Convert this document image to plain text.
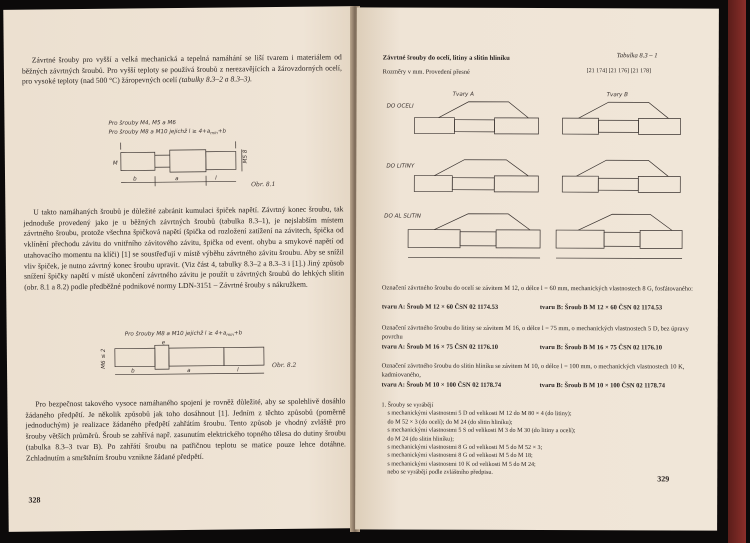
Závrtné šrouby pro vyšší a velká mechanická a tepelná namáhání se liší tvarem i materiálem od běžných závrtných šroubů. Pro vyšší teploty se používá šroubů z nerezavějících a žárovzdorných ocelí, pro vysoké teploty (nad 500 °C) žáropevných ocelí (tabulky 8.3–2 a 8.3–3).
Pro šrouby M4, M5 a M6
Pro šrouby M8 a M10 jejichž $l \ge 4+a_{min}+b$
b	a	l
M
M5 8
Obr. 8.1
U takto namáhaných šroubů je důležité zabránit kumulaci špiček napětí. Závrtný konec šroubu, tak jednoduše provedený jako je u běžných závrtných šroubů (tabulka 8.3–1), je nejslabším místem závrtného šroubu, protože všechna špičková napětí (špička od rozložení zatížení na závitech, špička od vklínění přechodu závitu do vnitřního závitového závitu, špička od event. ohybu a smykové napětí od utahovacího momentu na klíči) [1] se soustřeďují v místě výběhu závrtného závitu šroubu. Aby se snížil vliv špiček, je nutno závrtný konec šroubu upravit. (Viz část 4, tabulky 8.3–2 a 8.3–3 i [1].) Jiný způsob snížení špičky napětí v místě ukončení závrtného závitu je použít u závrtných šroubů do lehkých slitin (obr. 8.1 a 8.2) podle předběžné podnikové normy LDN-3151 – Závrtné šrouby s nákružkem.
Pro šrouby M8 a M10 jejichž $l \ge 4+a_{min}+b$
b	a	l
e
M6 ≤ 2	Obr. 8.2
Pro bezpečnost takového vysoce namáhaného spojení je rovněž důležité, aby se spolehlivě dosáhlo žádaného předpětí. Je několik způsobů jak toho dosáhnout [1]. Jedním z těchto způsobů (poměrně jednoduchým) je realizace žádaného předpětí zahřátím šroubu. Tento způsob je vhodný zvláště pro šrouby větších průměrů. Šroub se zahřívá např. zasunutím elektrického topného tělesa do dutiny šroubu (tabulka 8.3–3 tvar B). Po zahřátí šroubu na patřičnou teplotu se matice pouze lehce dotáhne. Zchladnutím a smrštěním šroubu vznikne žádané předpětí.
328
Závrtné šrouby do ocelí, litiny a slitin hliníku	Tabulka 8.3 – 1
Rozměry v mm. Provedení přesné	[21 174] [21 176] [21 178]
Tvary A	Tvary B
DO OCELI
DO LITINY
DO AL SLITIN
Označení závrtného šroubu do ocelí se závitem M 12, o délce l = 60 mm, mechanických vlastnostech 8 G, fosfátovaného:
tvaru A: Šroub M 12 × 60 ČSN 02 1174.53	tvaru B: Šroub B M 12 × 60 ČSN 02 1174.53
Označení závrtného šroubu do litiny se závitem M 16, o délce l = 75 mm, o mechanických vlastnostech 5 D, bez úpravy povrchu
tvaru A: Šroub M 16 × 75 ČSN 02 1176.10	tvaru B: Šroub B M 16 × 75 ČSN 02 1176.10
Označení závrtného šroubu do slitin hliníku se závitem M 10, o délce l = 100 mm, o mechanických vlastnostech 10 K, kadmiovaného,
tvaru A: Šroub M 10 × 100 ČSN 02 1178.74	tvaru B: Šroub B M 10 × 100 ČSN 02 1178.74
1. Šrouby se vyrábějí
s mechanickými vlastnostmi 5 D od velikosti M 12 do M 80 × 4 (do litiny);
do M 52 × 3 (do ocelí); do M 24 (do slitin hliníku);
s mechanickými vlastnostmi 5 S od velikosti M 3 do M 30 (do litiny a ocelí);
do M 24 (do slitin hliníku);
s mechanickými vlastnostmi 8 G od velikosti M 5 do M 52 × 3;
s mechanickými vlastnostmi 8 G od velikosti M 5 do M 18;
s mechanickými vlastnostmi 10 K od velikosti M 5 do M 24;
nebo se vyrábějí podle zvláštního předpisu.
329
